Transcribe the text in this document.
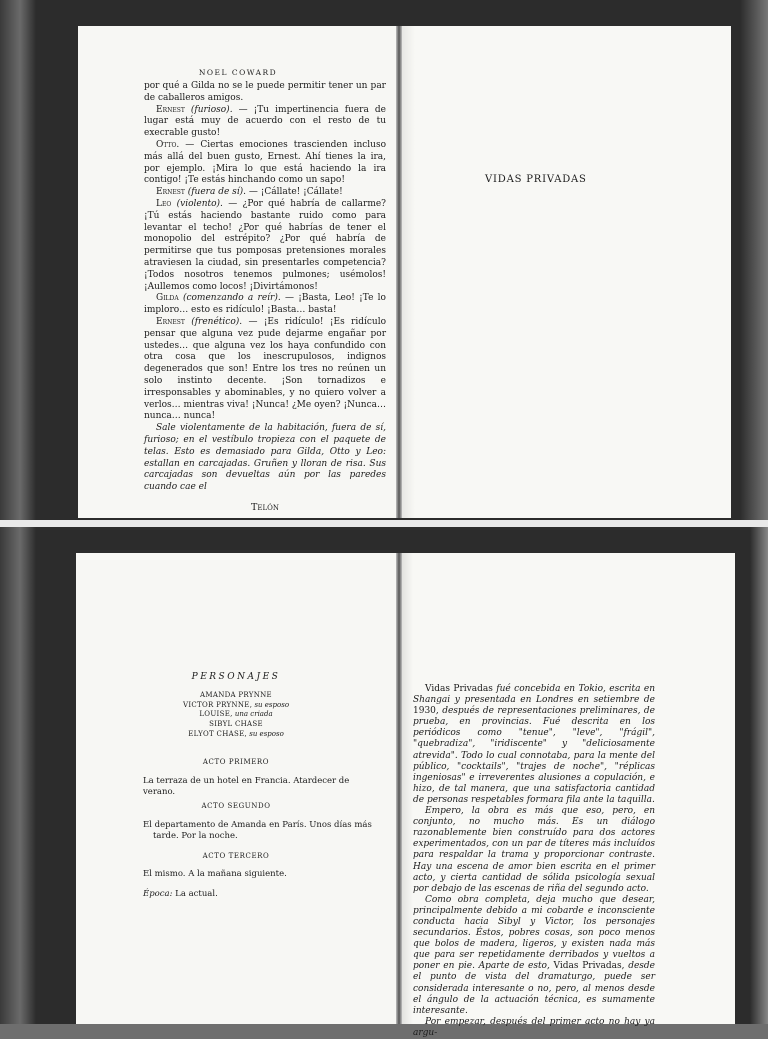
NOEL COWARD

por qué a Gilda no se le puede permitir tener un par de caballeros amigos.

Ernest (furioso). — ¡Tu impertinencia fuera de lugar está muy de acuerdo con el resto de tu execrable gusto!

Otto. — Ciertas emociones trascienden incluso más allá del buen gusto, Ernest. Ahí tienes la ira, por ejemplo. ¡Mira lo que está haciendo la ira contigo! ¡Te estás hinchando como un sapo!

Ernest (fuera de sí). — ¡Cállate! ¡Cállate!

Leo (violento). — ¿Por qué habría de callarme? ¡Tú estás haciendo bastante ruido como para levantar el techo! ¿Por qué habrías de tener el monopolio del estrépito? ¿Por qué habría de permitirse que tus pomposas pretensiones morales atraviesen la ciudad, sin presentarles competencia? ¡Todos nosotros tenemos pulmones; usémolos! ¡Aullemos como locos! ¡Divirtámonos!

Gilda (comenzando a reír). — ¡Basta, Leo! ¡Te lo imploro… esto es ridículo! ¡Basta… basta!

Ernest (frenético). — ¡Es ridículo! ¡Es ridículo pensar que alguna vez pude dejarme engañar por ustedes… que alguna vez los haya confundido con otra cosa que los inescrupulosos, indignos degenerados que son! Entre los tres no reúnen un solo instinto decente. ¡Son tornadizos e irresponsables y abominables, y no quiero volver a verlos… mientras viva! ¡Nunca! ¿Me oyen? ¡Nunca… nunca… nunca!

Sale violentamente de la habitación, fuera de sí, furioso; en el vestíbulo tropieza con el paquete de telas. Esto es demasiado para Gilda, Otto y Leo: estallan en carcajadas. Gruñen y lloran de risa. Sus carcajadas son devueltas aún por las paredes cuando cae el

Telón
VIDAS PRIVADAS
PERSONAJES
AMANDA PRYNNE
VICTOR PRYNNE, su esposo
LOUISE, una criada
SIBYL CHASE
ELYOT CHASE, su esposo
ACTO PRIMERO
La terraza de un hotel en Francia. Atardecer de verano.
ACTO SEGUNDO
El departamento de Amanda en París. Unos días más tarde. Por la noche.
ACTO TERCERO
El mismo. A la mañana siguiente.
Época: La actual.

Vidas Privadas fué concebida en Tokio, escrita en Shangai y presentada en Londres en setiembre de 1930, después de representaciones preliminares, de prueba, en provincias. Fué descrita en los periódicos como "tenue", "leve", "frágil", "quebradiza", "iridiscente" y "deliciosamente atrevida". Todo lo cual connotaba, para la mente del público, "cocktails", "trajes de noche", "réplicas ingeniosas" e irreverentes alusiones a copulación, e hizo, de tal manera, que una satisfactoria cantidad de personas respetables formara fila ante la taquilla.

Empero, la obra es más que eso, pero, en conjunto, no mucho más. Es un diálogo razonablemente bien construído para dos actores experimentados, con un par de títeres más incluídos para respaldar la trama y proporcionar contraste. Hay una escena de amor bien escrita en el primer acto, y cierta cantidad de sólida psicología sexual por debajo de las escenas de riña del segundo acto.

Como obra completa, deja mucho que desear, principalmente debido a mi cobarde e inconsciente conducta hacia Sibyl y Victor, los personajes secundarios. Éstos, pobres cosas, son poco menos que bolos de madera, ligeros, y existen nada más que para ser repetidamente derribados y vueltos a poner en pie. Aparte de esto, Vidas Privadas, desde el punto de vista del dramaturgo, puede ser considerada interesante o no, pero, al menos desde el ángulo de la actuación técnica, es sumamente interesante.

Por empezar, después del primer acto no hay ya argu-
